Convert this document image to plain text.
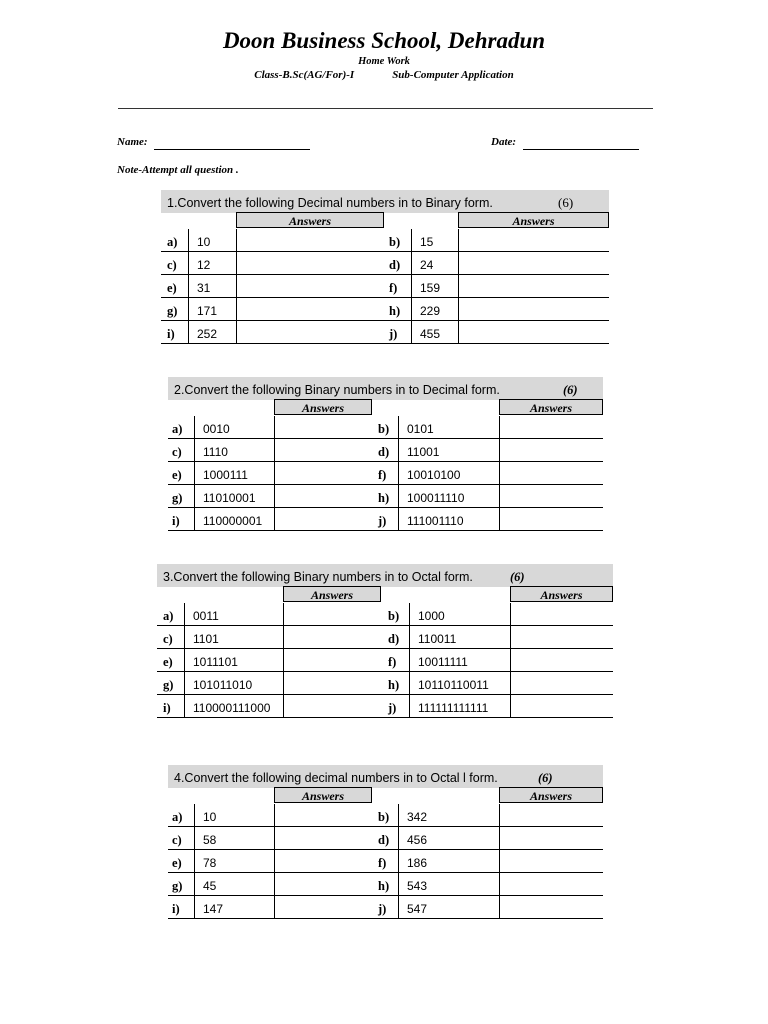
Doon Business School, Dehradun
Home Work
Class-B.Sc(AG/For)-I	Sub-Computer Application
Name:	Date:
Note-Attempt all question .
1.Convert the following Decimal numbers in to Binary form.	(6)
Answers	Answers
a)	10	b)	15
c)	12	d)	24
e)	31	f)	159
g)	171	h)	229
i)	252	j)	455
2.Convert the following Binary numbers in to Decimal form.	(6)
Answers	Answers
a)	0010	b)	0101
c)	1110	d)	11001
e)	1000111	f)	10010100
g)	11010001	h)	100011110
i)	110000001	j)	111001110
3.Convert the following Binary numbers in to Octal form.	(6)
Answers	Answers
a)	0011	b)	1000
c)	1101	d)	110011
e)	1011101	f)	10011111
g)	101011010	h)	10110110011
i)	110000111000	j)	111111111111
4.Convert the following decimal numbers in to Octal l form.	(6)
Answers	Answers
a)	10	b)	342
c)	58	d)	456
e)	78	f)	186
g)	45	h)	543
i)	147	j)	547
